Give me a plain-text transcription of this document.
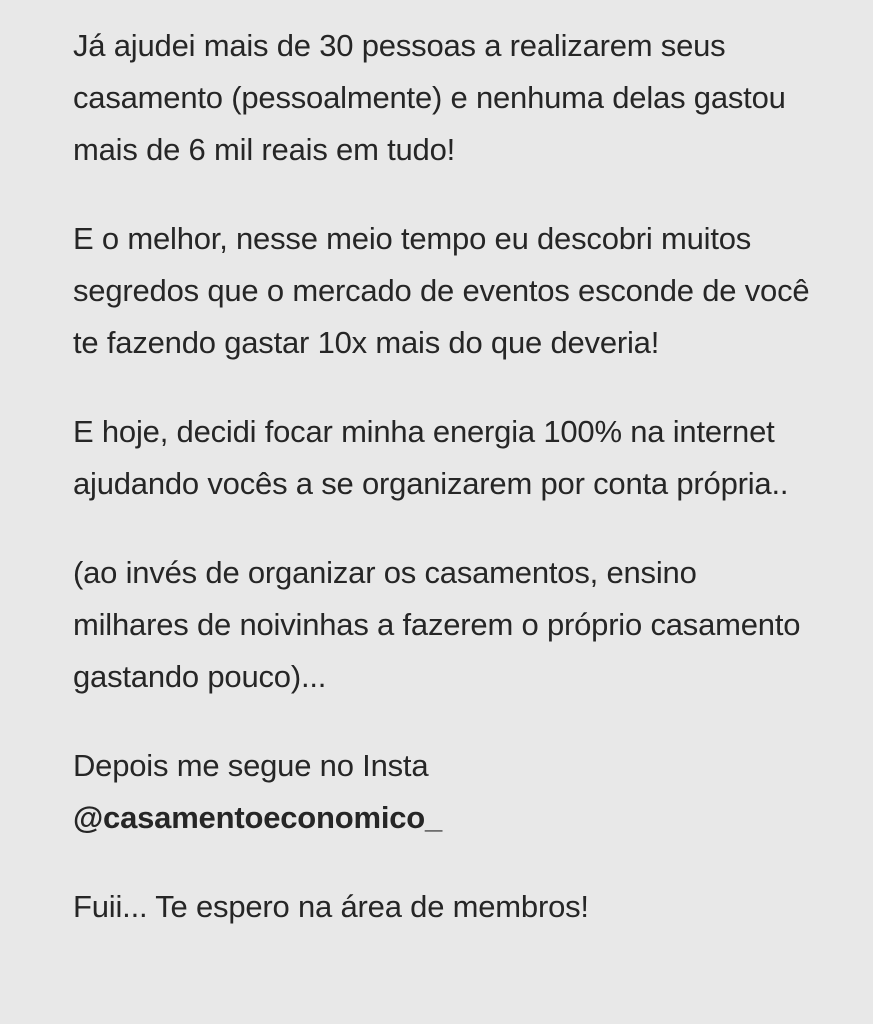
Já ajudei mais de 30 pessoas a realizarem seus casamento (pessoalmente) e nenhuma delas gastou mais de 6 mil reais em tudo!

E o melhor, nesse meio tempo eu descobri muitos segredos que o mercado de eventos esconde de você te fazendo gastar 10x mais do que deveria!

E hoje, decidi focar minha energia 100% na internet ajudando vocês a se organizarem por conta própria..

(ao invés de organizar os casamentos, ensino milhares de noivinhas a fazerem o próprio casamento gastando pouco)...

Depois me segue no Insta
@casamentoeconomico_

Fuii... Te espero na área de membros!
